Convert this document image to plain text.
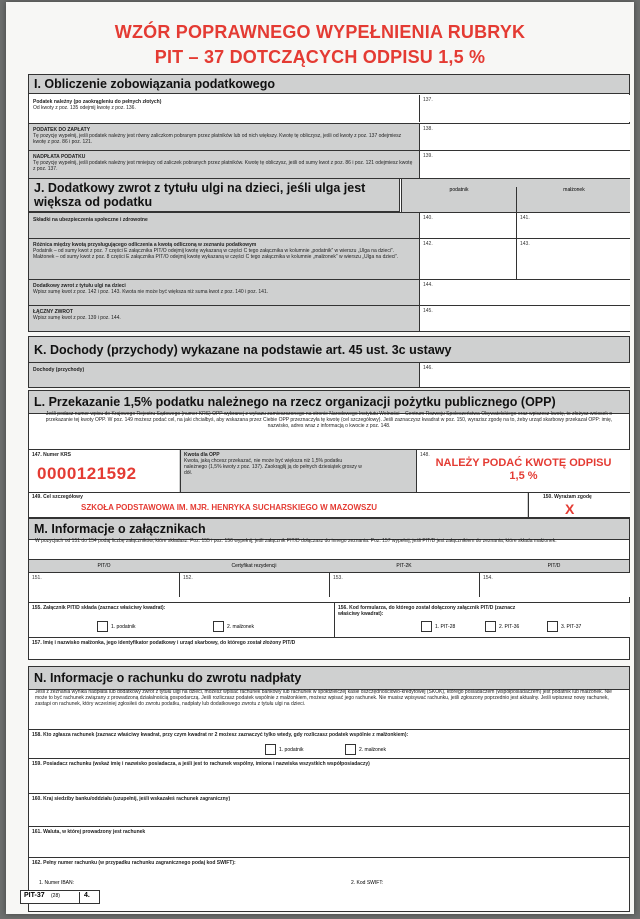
WZÓR POPRAWNEGO WYPEŁNIENIA RUBRYK
PIT – 37 DOTCZĄCYCH ODPISU 1,5 %
I. Obliczenie zobowiązania podatkowego
Podatek należny (po zaokrągleniu do pełnych złotych)
Od kwoty z poz. 135 odejmij kwotę z poz. 136.
137.
PODATEK DO ZAPŁATY
Tę pozycję wypełnij, jeśli podatek należny jest równy zaliczkom pobranym przez płatników lub od nich większy. Kwotę tę obliczysz, jeśli od kwoty z poz. 137 odejmiesz kwotę z poz. 86 i poz. 121.
138.
NADPŁATA PODATKU
Tę pozycję wypełnij, jeśli podatek należny jest mniejszy od zaliczek pobranych przez płatników. Kwotę tę obliczysz, jeśli od sumy kwot z poz. 86 i poz. 121 odejmiesz kwotę z poz. 137.
139.
J. Dodatkowy zwrot z tytułu ulgi na dzieci, jeśli ulga jest większa od podatku
podatnik	małżonek
Składki na ubezpieczenia społeczne i zdrowotne	140.	141.
Różnica między kwotą przysługującego odliczenia a kwotą odliczoną w zeznaniu podatkowym
Podatnik – od sumy kwot z poz. 7 części E załącznika PIT/O odejmij kwotę wykazaną w części C tego załącznika w kolumnie „podatnik” w wierszu „Ulga na dzieci”. Małżonek – od sumy kwot z poz. 8 części E załącznika PIT/O odejmij kwotę wykazaną w części C tego załącznika w kolumnie „małżonek” w wierszu „Ulga na dzieci”.
142.	143.
Dodatkowy zwrot z tytułu ulgi na dzieci
Wpisz sumę kwot z poz. 142 i poz. 143. Kwota nie może być większa niż suma kwot z poz. 140 i poz. 141.
144.
ŁĄCZNY ZWROT
Wpisz sumę kwot z poz. 139 i poz. 144.
145.
K. Dochody (przychody) wykazane na podstawie art. 45 ust. 3c ustawy
Dochody (przychody)	146.
L. Przekazanie 1,5% podatku należnego na rzecz organizacji pożytku publicznego (OPP)
Jeśli podasz numer wpisu do Krajowego Rejestru Sądowego (numer KRS) OPP wybranej z wykazu zamieszczonego na stronie Narodowego Instytutu Wolności – Centrum Rozwoju Społeczeństwa Obywatelskiego oraz wpiszesz kwotę, to złożysz wniosek o przekazanie tej kwoty OPP. W poz. 149 możesz podać cel, na jaki chciałbyś, aby wskazana przez Ciebie OPP przeznaczyła tę kwotę (cel szczegółowy). Jeśli zaznaczysz kwadrat w poz. 150, wyrazisz zgodę na to, żeby urząd skarbowy przekazał OPP: imię, nazwisko, adres wraz z informacją o kwocie z poz. 148.
147. Numer KRS
0000121592
Kwota dla OPP
Kwota, jaką chcesz przekazać, nie może być większa niż 1,5% podatku należnego (1,5% kwoty z poz. 137). Zaokrąglij ją do pełnych dziesiątek groszy w dół.
148.
NALEŻY PODAĆ KWOTĘ ODPISU 1,5 %
149. Cel szczegółowy
SZKOŁA PODSTAWOWA IM. MJR. HENRYKA SUCHARSKIEGO W MAZOWSZU
150. Wyrażam zgodę
X
M. Informacje o załącznikach
W pozycjach od 151 do 154 podaj liczbę załączników, które składasz. Poz. 155 i poz. 156 wypełnij, jeśli załącznik PIT/D dołączasz do innego zeznania. Poz. 157 wypełnij, jeśli PIT/D jest załącznikiem do zeznania, które składa małżonek.
PIT/O	Certyfikat rezydencji	PIT-2K	PIT/D
151.	152.	153.	154.
155. Załącznik PIT/D składa (zaznacz właściwy kwadrat):
1. podatnik	2. małżonek
156. Kod formularza, do którego został dołączony załącznik PIT/D (zaznacz właściwy kwadrat):
1. PIT-28	2. PIT-36	3. PIT-37
157. Imię i nazwisko małżonka, jego identyfikator podatkowy i urząd skarbowy, do którego został złożony PIT/D
N. Informacje o rachunku do zwrotu nadpłaty
Jeśli z zeznania wynika nadpłata lub dodatkowy zwrot z tytułu ulgi na dzieci, możesz wpisać rachunek bankowy lub rachunek w spółdzielczej kasie oszczędnościowo-kredytowej (SKOK), którego posiadaczem (współposiadaczem) jest podatnik lub małżonek. Nie może to być rachunek związany z prowadzoną działalnością gospodarczą. Jeśli rozliczasz podatek wspólnie z małżonkiem, możesz wpisać jego rachunek. Nie musisz wpisywać rachunku, jeśli zgłoszony poprzednio jest aktualny. Jeśli wpiszesz nowy rachunek, zastąpi on rachunek, który wcześniej zgłosiłeś do zwrotu podatku, nadpłaty lub dodatkowego zwrotu z tytułu ulgi na dzieci.
158. Kto zgłasza rachunek (zaznacz właściwy kwadrat, przy czym kwadrat nr 2 możesz zaznaczyć tylko wtedy, gdy rozliczasz podatek wspólnie z małżonkiem):
1. podatnik	2. małżonek
159. Posiadacz rachunku (wskaż imię i nazwisko posiadacza, a jeśli jest to rachunek wspólny, imiona i nazwiska wszystkich współposiadaczy)
160. Kraj siedziby banku/oddziału (uzupełnij, jeśli wskazałeś rachunek zagraniczny)
161. Waluta, w której prowadzony jest rachunek
162. Pełny numer rachunku (w przypadku rachunku zagranicznego podaj kod SWIFT):
1. Numer IBAN:	2. Kod SWIFT:
PIT-37 (28)	4.
